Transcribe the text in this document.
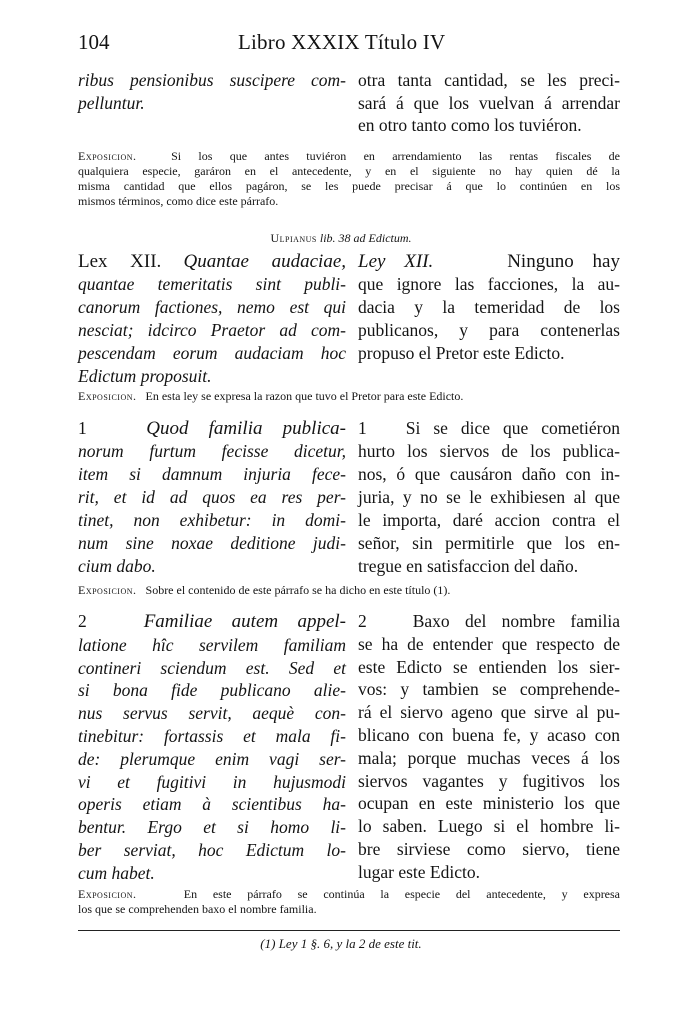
104	Libro XXXIX Título IV
ribus pensionibus suscipere com-
pelluntur.
otra tanta cantidad, se les preci-
sará á que los vuelvan á arrendar
en otro tanto como los tuviéron.
Exposicion.	Si los que antes tuviéron en arrendamiento las rentas fiscales de
qualquiera especie, garáron en el antecedente, y en el siguiente no hay quien dé la
misma cantidad que ellos pagáron, se les puede precisar á que lo continúen en los
mismos términos, como dice este párrafo.
Ulpianus lib. 38 ad Edictum.
Lex XII. Quantae audaciae,
quantae temeritatis sint publi-
canorum factiones, nemo est qui
nesciat; idcirco Praetor ad com-
pescendam eorum audaciam hoc
Edictum proposuit.
Ley XII.	Ninguno hay
que ignore las facciones, la au-
dacia y la temeridad de los
publicanos, y para contenerlas
propuso el Pretor este Edicto.
Exposicion. En esta ley se expresa la razon que tuvo el Pretor para este Edicto.
1	Quod familia publica-
norum furtum fecisse dicetur,
item si damnum injuria fece-
rit, et id ad quos ea res per-
tinet, non exhibetur: in domi-
num sine noxae deditione judi-
cium dabo.
1 Si se dice que cometiéron
hurto los siervos de los publica-
nos, ó que causáron daño con in-
juria, y no se le exhibiesen al que
le importa, daré accion contra el
señor, sin permitirle que los en-
tregue en satisfaccion del daño.
Exposicion. Sobre el contenido de este párrafo se ha dicho en este título (1).
2	Familiae autem appel-
latione hîc servilem familiam
contineri sciendum est. Sed et
si bona fide publicano alie-
nus servus servit, aequè con-
tinebitur: fortassis et mala fi-
de: plerumque enim vagi ser-
vi et fugitivi in hujusmodi
operis etiam à scientibus ha-
bentur. Ergo et si homo li-
ber serviat, hoc Edictum lo-
cum habet.
2	Baxo del nombre familia
se ha de entender que respecto de
este Edicto se entienden los sier-
vos: y tambien se comprehende-
rá el siervo ageno que sirve al pu-
blicano con buena fe, y acaso con
mala; porque muchas veces á los
siervos vagantes y fugitivos los
ocupan en este ministerio los que
lo saben. Luego si el hombre li-
bre sirviese como siervo, tiene
lugar este Edicto.
Exposicion.	En este párrafo se continúa la especie del antecedente, y expresa
los que se comprehenden baxo el nombre familia.
(1) Ley 1 §. 6, y la 2 de este tit.
